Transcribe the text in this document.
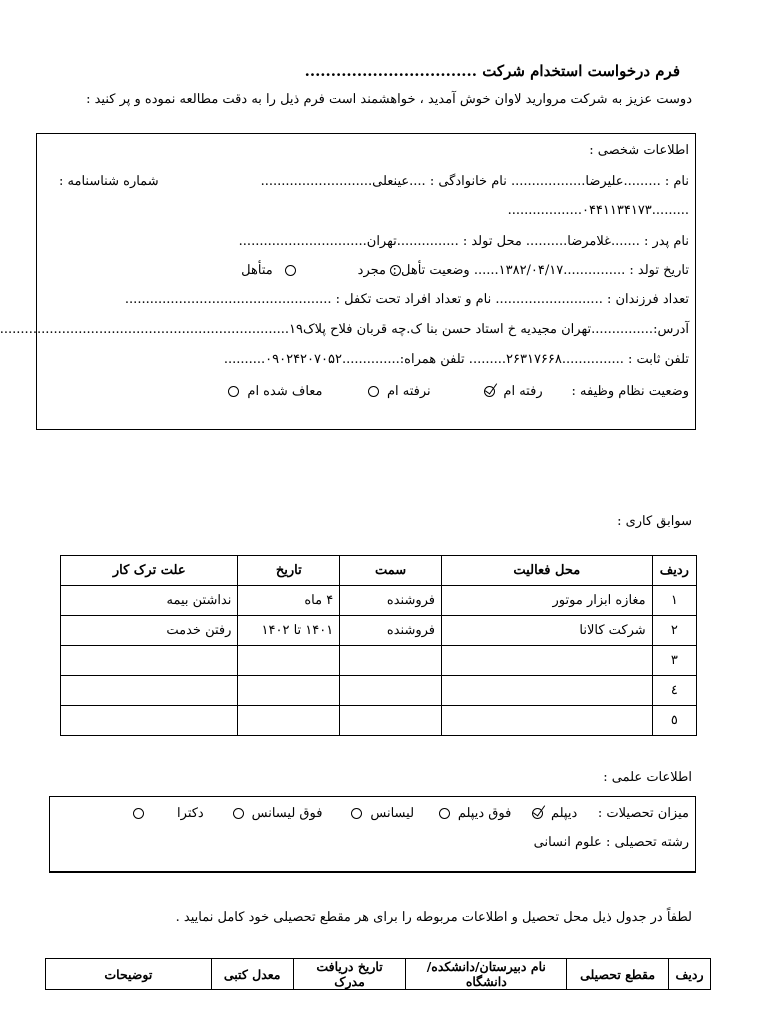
فرم درخواست استخدام شرکت .................................
دوست عزیز به شرکت مروارید لاوان خوش آمدید ، خواهشمند است فرم ذیل را به دقت مطالعه نموده و پر کنید :
اطلاعات شخصی :
نام : .........علیرضا.................. نام خانوادگی : ....عینعلی...........................
شماره شناسنامه :
.........۰۴۴۱۱۳۴۱۷۳..................
نام پدر : .......غلامرضا.......... محل تولد : ...............تهران...............................
تاریخ تولد : ...............۱۳۸۲/۰۴/۱۷...... وضعیت تأهل :
مجرد
متأهل
تعداد فرزندان : .......................... نام و تعداد افراد تحت تکفل : ..................................................
آدرس:...............تهران مجیدیه خ استاد حسن بنا ک.چه قربان فلاح پلاک۱۹......................................................................
تلفن ثابت : ...............۲۶۳۱۷۶۶۸......... تلفن همراه:..............۰۹۰۲۴۲۰۷۰۵۲..........
وضعیت نظام وظیفه :       رفته ام             نرفته ام           معاف شده ام
سوابق کاری :
ردیف	محل فعالیت	سمت	تاریخ	علت ترک کار
۱	مغازه ابزار موتور	فروشنده	۴ ماه	نداشتن بیمه
۲	شرکت کالانا	فروشنده	۱۴۰۱ تا ۱۴۰۲	رفتن خدمت
۳				
٤				
٥				
اطلاعات علمی :
میزان تحصیلات :     دیپلم     فوق دیپلم      لیسانس       فوق لیسانس       دکترا
رشته تحصیلی : علوم انسانی
لطفاً در جدول ذیل محل تحصیل و اطلاعات مربوطه را برای هر مقطع تحصیلی خود کامل نمایید .
ردیف	مقطع تحصیلی	نام دبیرستان/دانشکده/دانشگاه	تاریخ دریافت مدرک	معدل کتبی	توضیحات
